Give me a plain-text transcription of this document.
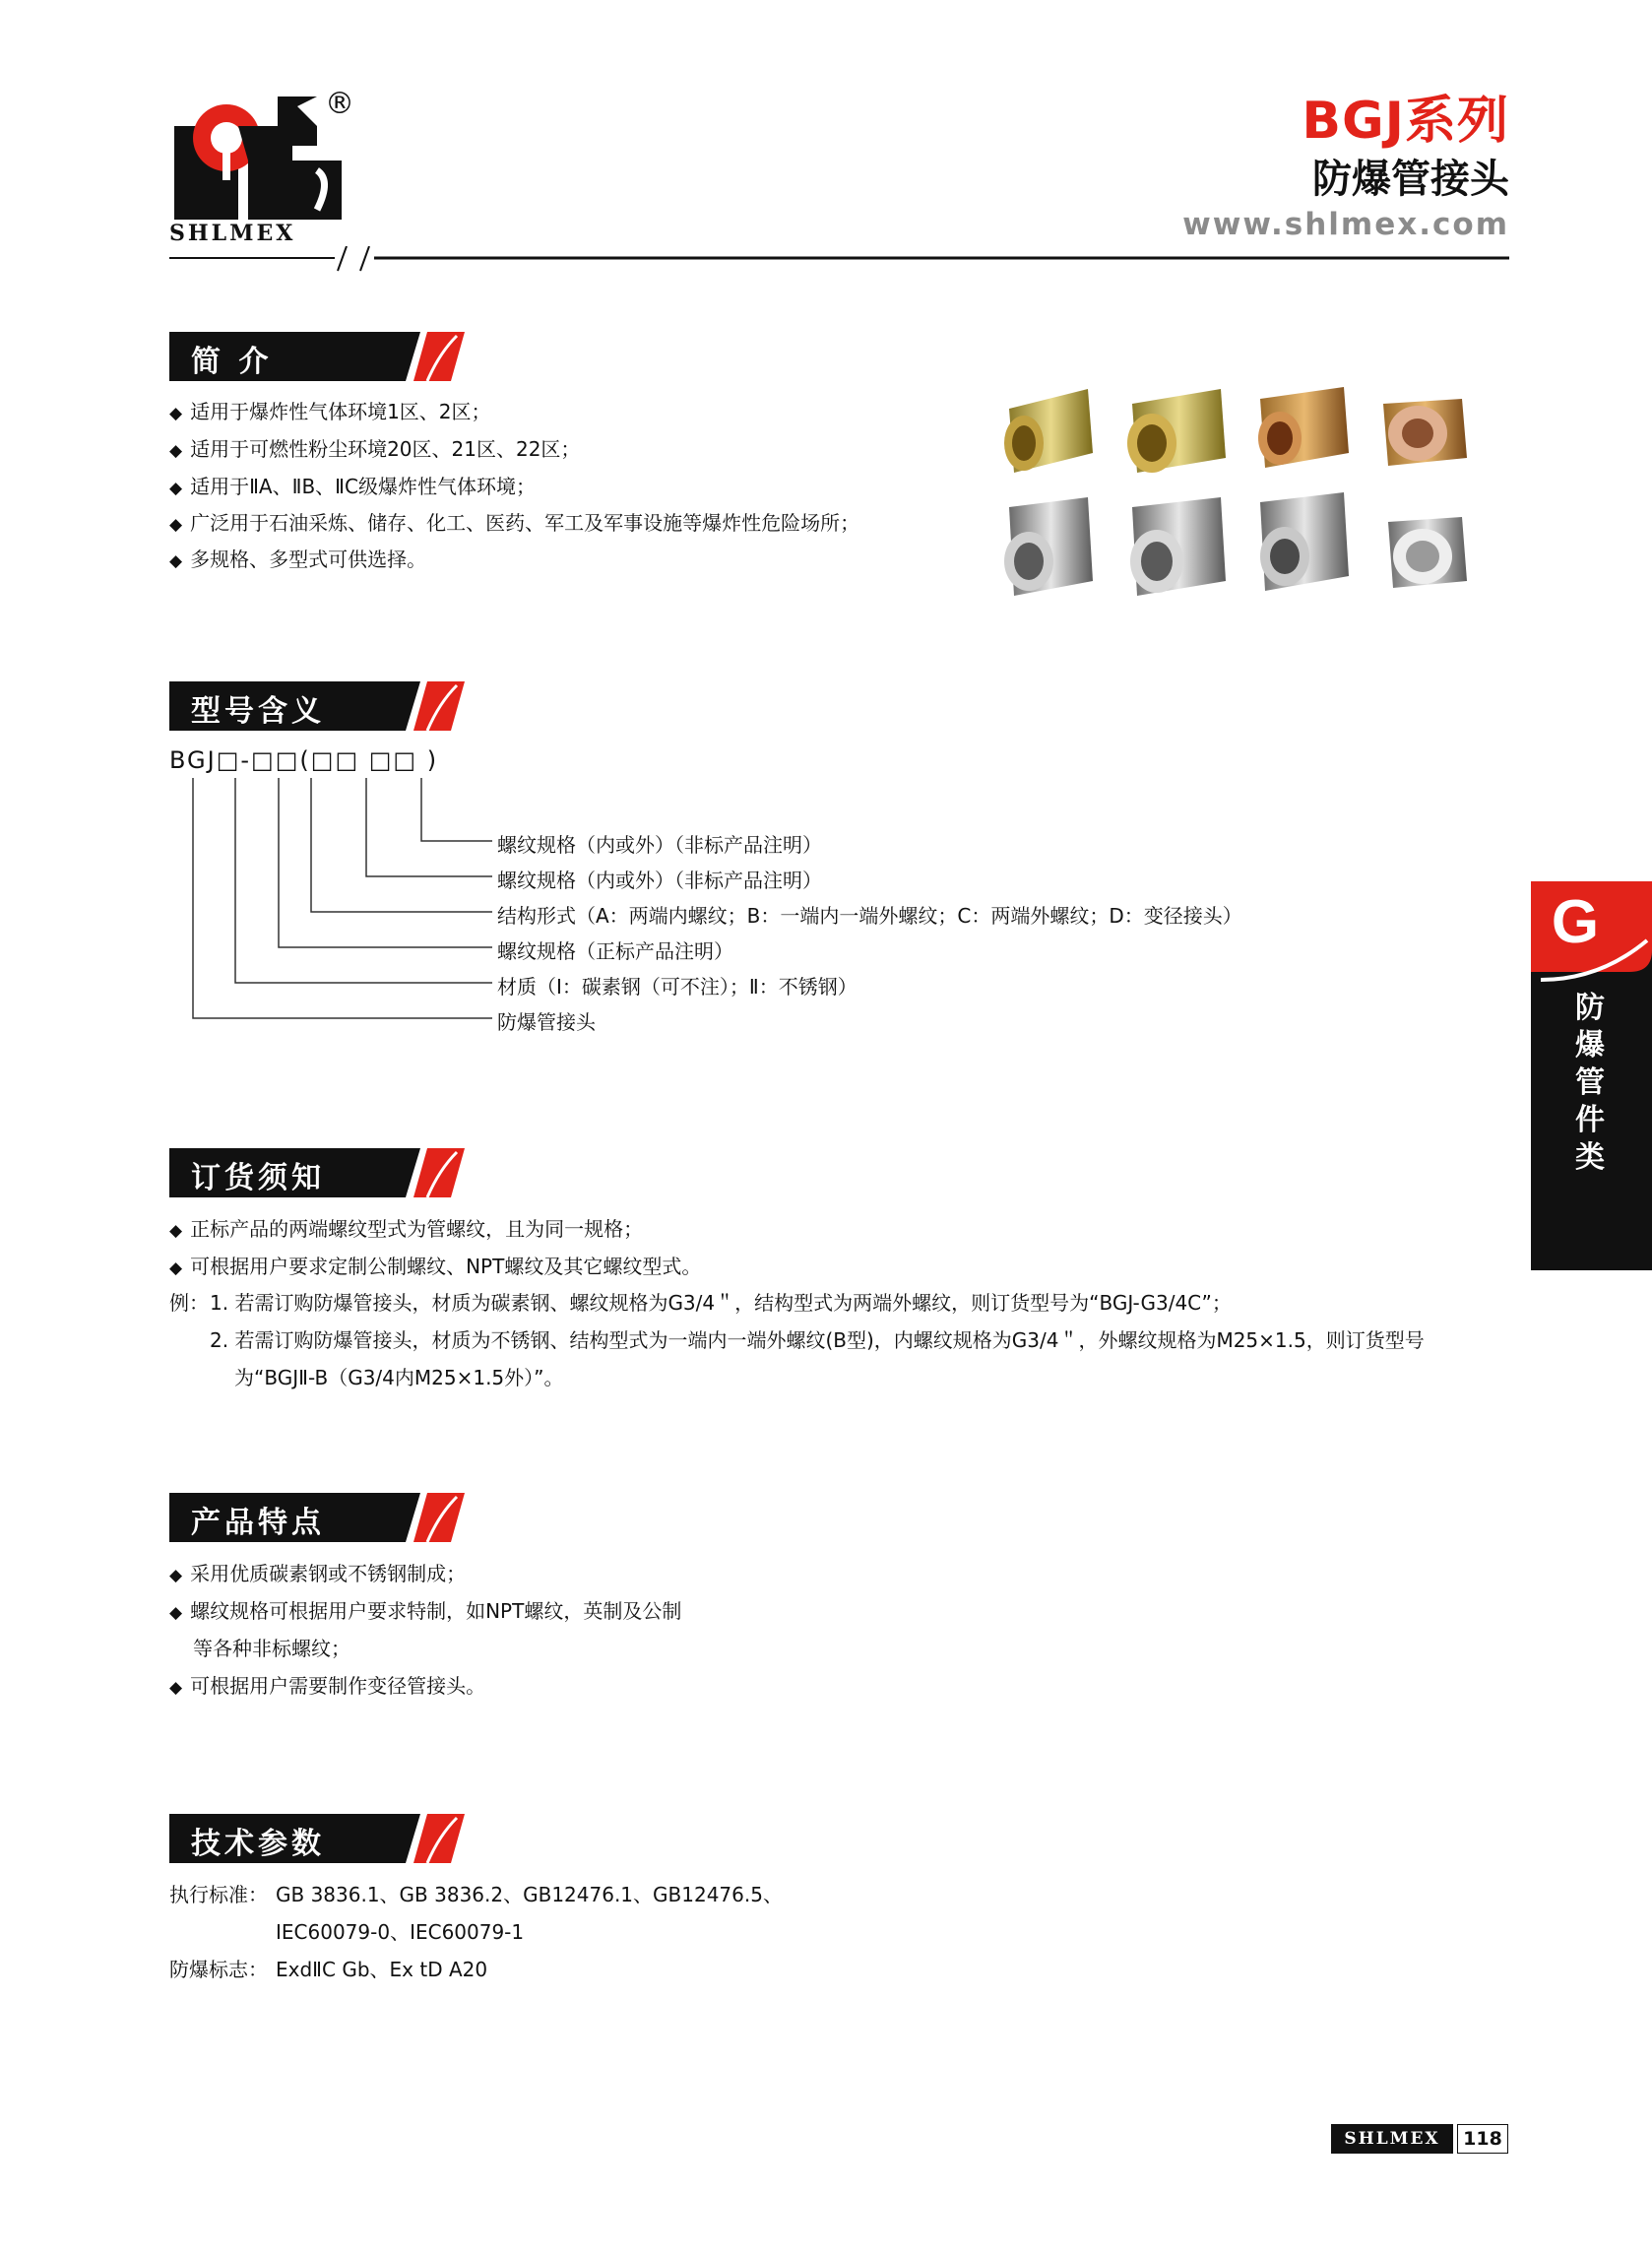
®
SHLMEX
BGJ系列
防爆管接头
www.shlmex.com
简 介
◆ 适用于爆炸性气体环境1区、2区；
◆ 适用于可燃性粉尘环境20区、21区、22区；
◆ 适用于ⅡA、ⅡB、ⅡC级爆炸性气体环境；
◆ 广泛用于石油采炼、储存、化工、医药、军工及军事设施等爆炸性危险场所；
◆ 多规格、多型式可供选择。
型号含义
BGJ□-□□(□□ □□ )
螺纹规格（内或外）（非标产品注明）
螺纹规格（内或外）（非标产品注明）
结构形式（A：两端内螺纹；B：一端内一端外螺纹；C：两端外螺纹；D：变径接头）
螺纹规格（正标产品注明）
材质（Ⅰ：碳素钢（可不注）；Ⅱ：不锈钢）
防爆管接头
订货须知
◆ 正标产品的两端螺纹型式为管螺纹，且为同一规格；
◆ 可根据用户要求定制公制螺纹、NPT螺纹及其它螺纹型式。
例： 1. 若需订购防爆管接头，材质为碳素钢、螺纹规格为G3/4＂，结构型式为两端外螺纹，则订货型号为“BGJ-G3/4C”；
2. 若需订购防爆管接头，材质为不锈钢、结构型式为一端内一端外螺纹(B型)，内螺纹规格为G3/4＂，外螺纹规格为M25×1.5，则订货型号
为“BGJⅡ-B（G3/4内M25×1.5外）”。
产品特点
◆ 采用优质碳素钢或不锈钢制成；
◆ 螺纹规格可根据用户要求特制，如NPT螺纹，英制及公制
等各种非标螺纹；
◆ 可根据用户需要制作变径管接头。
技术参数
执行标准： GB 3836.1、GB 3836.2、GB12476.1、GB12476.5、
IEC60079-0、IEC60079-1
防爆标志： ExdⅡC Gb、Ex tD A20
G
防
爆
管
件
类
SHLMEX	118
